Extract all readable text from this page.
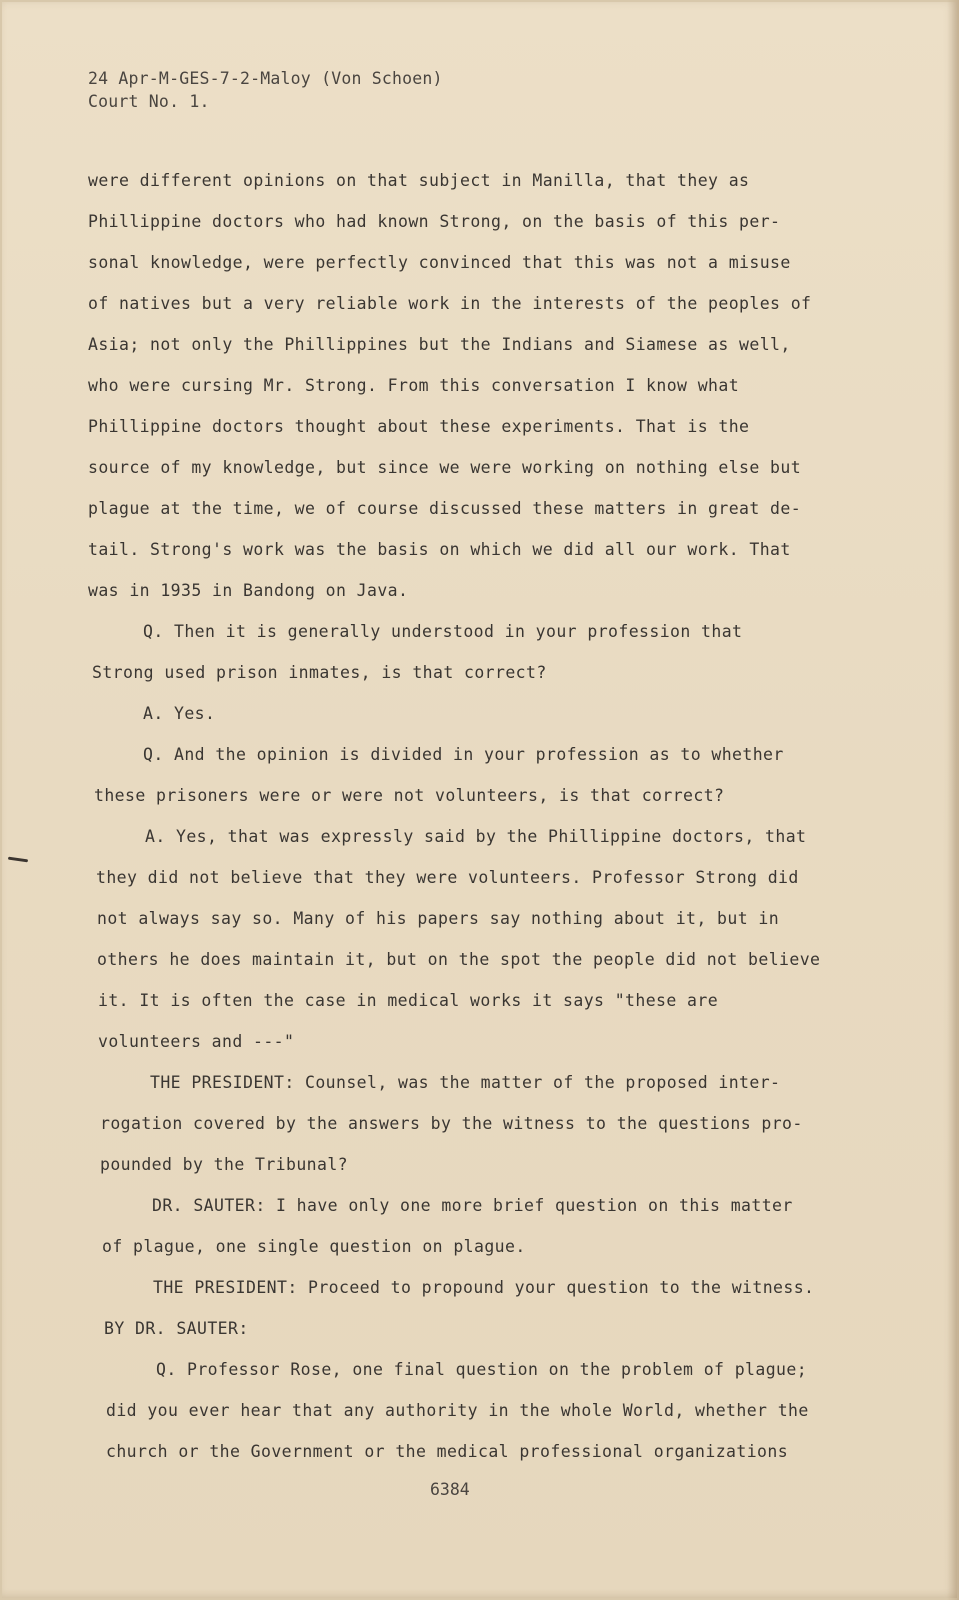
24 Apr-M-GES-7-2-Maloy (Von Schoen)
Court No. 1.
were different opinions on that subject in Manilla, that they as
Phillippine doctors who had known Strong, on the basis of this per-
sonal knowledge, were perfectly convinced that this was not a misuse
of natives but a very reliable work in the interests of the peoples of
Asia; not only the Phillippines but the Indians and Siamese as well,
who were cursing Mr. Strong. From this conversation I know what
Phillippine doctors thought about these experiments. That is the
source of my knowledge, but since we were working on nothing else but
plague at the time, we of course discussed these matters in great de-
tail. Strong's work was the basis on which we did all our work. That
was in 1935 in Bandong on Java.
Q. Then it is generally understood in your profession that
Strong used prison inmates, is that correct?
A. Yes.
Q. And the opinion is divided in your profession as to whether
these prisoners were or were not volunteers, is that correct?
A. Yes, that was expressly said by the Phillippine doctors, that
they did not believe that they were volunteers. Professor Strong did
not always say so. Many of his papers say nothing about it, but in
others he does maintain it, but on the spot the people did not believe
it. It is often the case in medical works it says "these are
volunteers and ---"
THE PRESIDENT: Counsel, was the matter of the proposed inter-
rogation covered by the answers by the witness to the questions pro-
pounded by the Tribunal?
DR. SAUTER: I have only one more brief question on this matter
of plague, one single question on plague.
THE PRESIDENT: Proceed to propound your question to the witness.
BY DR. SAUTER:
Q. Professor Rose, one final question on the problem of plague;
did you ever hear that any authority in the whole World, whether the
church or the Government or the medical professional organizations
6384
